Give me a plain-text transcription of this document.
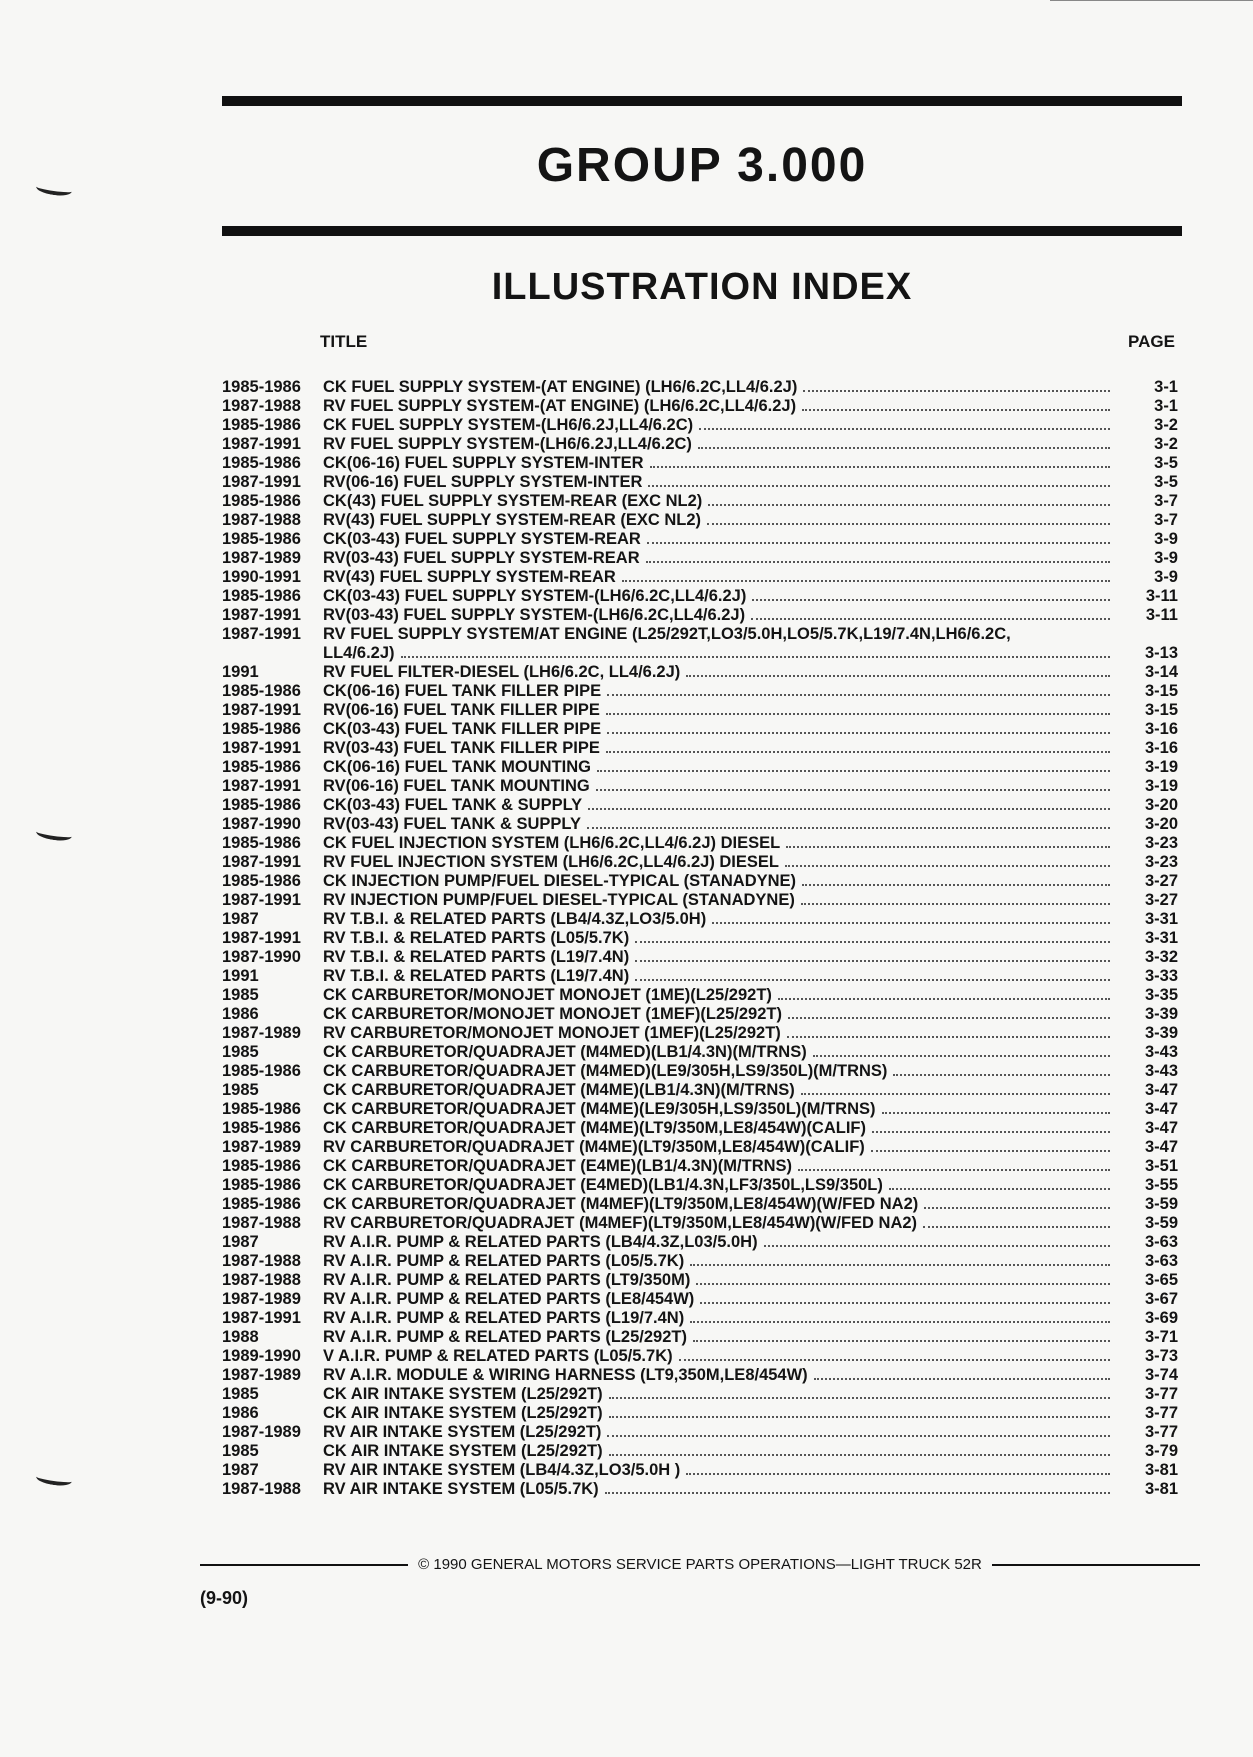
GROUP 3.000
ILLUSTRATION INDEX
TITLE	PAGE
1985-1986	CK FUEL SUPPLY SYSTEM-(AT ENGINE) (LH6/6.2C,LL4/6.2J)	3-1
1987-1988	RV FUEL SUPPLY SYSTEM-(AT ENGINE) (LH6/6.2C,LL4/6.2J)	3-1
1985-1986	CK FUEL SUPPLY SYSTEM-(LH6/6.2J,LL4/6.2C)	3-2
1987-1991	RV FUEL SUPPLY SYSTEM-(LH6/6.2J,LL4/6.2C)	3-2
1985-1986	CK(06-16) FUEL SUPPLY SYSTEM-INTER	3-5
1987-1991	RV(06-16) FUEL SUPPLY SYSTEM-INTER	3-5
1985-1986	CK(43) FUEL SUPPLY SYSTEM-REAR (EXC NL2)	3-7
1987-1988	RV(43) FUEL SUPPLY SYSTEM-REAR (EXC NL2)	3-7
1985-1986	CK(03-43) FUEL SUPPLY SYSTEM-REAR	3-9
1987-1989	RV(03-43) FUEL SUPPLY SYSTEM-REAR	3-9
1990-1991	RV(43) FUEL SUPPLY SYSTEM-REAR	3-9
1985-1986	CK(03-43) FUEL SUPPLY SYSTEM-(LH6/6.2C,LL4/6.2J)	3-11
1987-1991	RV(03-43) FUEL SUPPLY SYSTEM-(LH6/6.2C,LL4/6.2J)	3-11
1987-1991	RV FUEL SUPPLY SYSTEM/AT ENGINE (L25/292T,LO3/5.0H,LO5/5.7K,L19/7.4N,LH6/6.2C,
LL4/6.2J)	3-13
1991	RV FUEL FILTER-DIESEL (LH6/6.2C, LL4/6.2J)	3-14
1985-1986	CK(06-16) FUEL TANK FILLER PIPE	3-15
1987-1991	RV(06-16) FUEL TANK FILLER PIPE	3-15
1985-1986	CK(03-43) FUEL TANK FILLER PIPE	3-16
1987-1991	RV(03-43) FUEL TANK FILLER PIPE	3-16
1985-1986	CK(06-16) FUEL TANK MOUNTING	3-19
1987-1991	RV(06-16) FUEL TANK MOUNTING	3-19
1985-1986	CK(03-43) FUEL TANK & SUPPLY	3-20
1987-1990	RV(03-43) FUEL TANK & SUPPLY	3-20
1985-1986	CK FUEL INJECTION SYSTEM (LH6/6.2C,LL4/6.2J) DIESEL	3-23
1987-1991	RV FUEL INJECTION SYSTEM (LH6/6.2C,LL4/6.2J) DIESEL	3-23
1985-1986	CK INJECTION PUMP/FUEL DIESEL-TYPICAL (STANADYNE)	3-27
1987-1991	RV INJECTION PUMP/FUEL DIESEL-TYPICAL (STANADYNE)	3-27
1987	RV T.B.I. & RELATED PARTS (LB4/4.3Z,LO3/5.0H)	3-31
1987-1991	RV T.B.I. & RELATED PARTS (L05/5.7K)	3-31
1987-1990	RV T.B.I. & RELATED PARTS (L19/7.4N)	3-32
1991	RV T.B.I. & RELATED PARTS (L19/7.4N)	3-33
1985	CK CARBURETOR/MONOJET MONOJET (1ME)(L25/292T)	3-35
1986	CK CARBURETOR/MONOJET MONOJET (1MEF)(L25/292T)	3-39
1987-1989	RV CARBURETOR/MONOJET MONOJET (1MEF)(L25/292T)	3-39
1985	CK CARBURETOR/QUADRAJET (M4MED)(LB1/4.3N)(M/TRNS)	3-43
1985-1986	CK CARBURETOR/QUADRAJET (M4MED)(LE9/305H,LS9/350L)(M/TRNS)	3-43
1985	CK CARBURETOR/QUADRAJET (M4ME)(LB1/4.3N)(M/TRNS)	3-47
1985-1986	CK CARBURETOR/QUADRAJET (M4ME)(LE9/305H,LS9/350L)(M/TRNS)	3-47
1985-1986	CK CARBURETOR/QUADRAJET (M4ME)(LT9/350M,LE8/454W)(CALIF)	3-47
1987-1989	RV CARBURETOR/QUADRAJET (M4ME)(LT9/350M,LE8/454W)(CALIF)	3-47
1985-1986	CK CARBURETOR/QUADRAJET (E4ME)(LB1/4.3N)(M/TRNS)	3-51
1985-1986	CK CARBURETOR/QUADRAJET (E4MED)(LB1/4.3N,LF3/350L,LS9/350L)	3-55
1985-1986	CK CARBURETOR/QUADRAJET (M4MEF)(LT9/350M,LE8/454W)(W/FED NA2)	3-59
1987-1988	RV CARBURETOR/QUADRAJET (M4MEF)(LT9/350M,LE8/454W)(W/FED NA2)	3-59
1987	RV A.I.R. PUMP & RELATED PARTS (LB4/4.3Z,L03/5.0H)	3-63
1987-1988	RV A.I.R. PUMP & RELATED PARTS (L05/5.7K)	3-63
1987-1988	RV A.I.R. PUMP & RELATED PARTS (LT9/350M)	3-65
1987-1989	RV A.I.R. PUMP & RELATED PARTS (LE8/454W)	3-67
1987-1991	RV A.I.R. PUMP & RELATED PARTS (L19/7.4N)	3-69
1988	RV A.I.R. PUMP & RELATED PARTS (L25/292T)	3-71
1989-1990	V A.I.R. PUMP & RELATED PARTS (L05/5.7K)	3-73
1987-1989	RV A.I.R. MODULE & WIRING HARNESS (LT9,350M,LE8/454W)	3-74
1985	CK AIR INTAKE SYSTEM (L25/292T)	3-77
1986	CK AIR INTAKE SYSTEM (L25/292T)	3-77
1987-1989	RV AIR INTAKE SYSTEM (L25/292T)	3-77
1985	CK AIR INTAKE SYSTEM (L25/292T)	3-79
1987	RV AIR INTAKE SYSTEM (LB4/4.3Z,LO3/5.0H )	3-81
1987-1988	RV AIR INTAKE SYSTEM (L05/5.7K)	3-81
© 1990 GENERAL MOTORS SERVICE PARTS OPERATIONS—LIGHT TRUCK 52R
(9-90)
